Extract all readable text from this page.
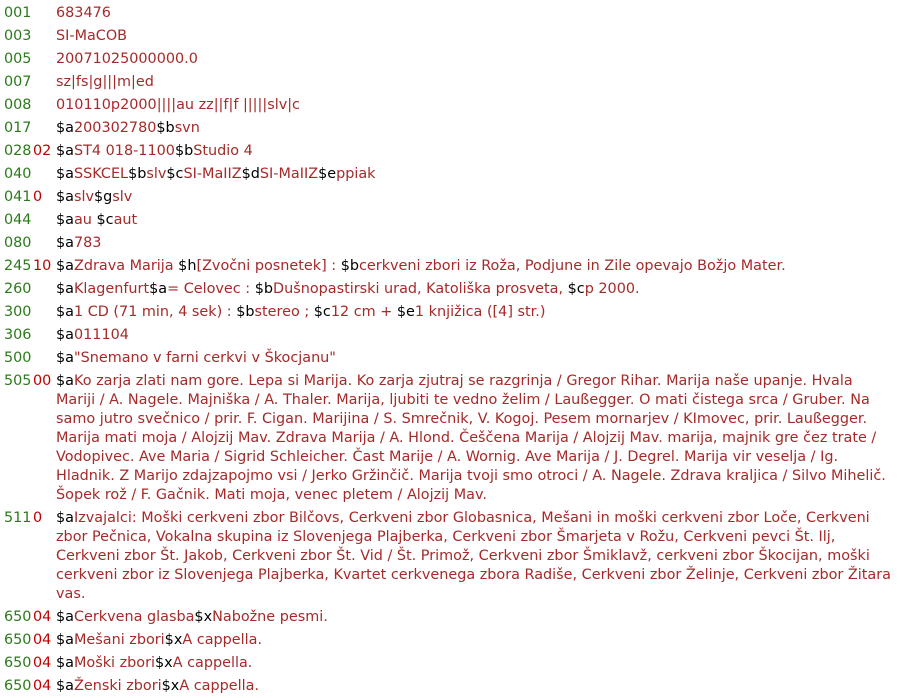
001 683476
003 SI-MaCOB
005 20071025000000.0
007 sz|fs|g|||m|ed
008 010110p2000||||au zz||f|f |||||slv|c
017 $a200302780$bsvn
028 02 $aST4 018-1100$bStudio 4
040 $aSSKCEL$bslv$cSI-MaIIZ$dSI-MaIIZ$eppiak
041 0 $aslv$gslv
044 $aau $caut
080 $a783
245 10 $aZdrava Marija $h[Zvočni posnetek] : $bcerkveni zbori iz Roža, Podjune in Zile opevajo Božjo Mater.
260 $aKlagenfurt$a= Celovec : $bDušnopastirski urad, Katoliška prosveta, $cp 2000.
300 $a1 CD (71 min, 4 sek) : $bstereo ; $c12 cm + $e1 knjižica ([4] str.)
306 $a011104
500 $a"Snemano v farni cerkvi v Škocjanu"
505 00 $aKo zarja zlati nam gore. Lepa si Marija. Ko zarja zjutraj se razgrinja / Gregor Rihar. Marija naše upanje. Hvala Mariji / A. Nagele. Majniška / A. Thaler. Marija, ljubiti te vedno želim / Laußegger. O mati čistega srca / Gruber. Na samo jutro svečnico / prir. F. Cigan. Marijina / S. Smrečnik, V. Kogoj. Pesem mornarjev / KImovec, prir. Laußegger. Marija mati moja / Alojzij Mav. Zdrava Marija / A. Hlond. Češčena Marija / Alojzij Mav. marija, majnik gre čez trate / Vodopivec. Ave Maria / Sigrid Schleicher. Čast Marije / A. Wornig. Ave Marija / J. Degrel. Marija vir veselja / Ig. Hladnik. Z Marijo zdajzapojmo vsi / Jerko Gržinčič. Marija tvoji smo otroci / A. Nagele. Zdrava kraljica / Silvo Mihelič. Šopek rož / F. Gačnik. Mati moja, venec pletem / Alojzij Mav.
511 0 $aIzvajalci: Moški cerkveni zbor Bilčovs, Cerkveni zbor Globasnica, Mešani in moški cerkveni zbor Loče, Cerkveni zbor Pečnica, Vokalna skupina iz Slovenjega Plajberka, Cerkveni zbor Šmarjeta v Rožu, Cerkveni pevci Št. Ilj, Cerkveni zbor Št. Jakob, Cerkveni zbor Št. Vid / Št. Primož, Cerkveni zbor Šmiklavž, cerkveni zbor Škocijan, moški cerkveni zbor iz Slovenjega Plajberka, Kvartet cerkvenega zbora Radiše, Cerkveni zbor Želinje, Cerkveni zbor Žitara vas.
650 04 $aCerkvena glasba$xNabožne pesmi.
650 04 $aMešani zbori$xA cappella.
650 04 $aMoški zbori$xA cappella.
650 04 $aŽenski zbori$xA cappella.
